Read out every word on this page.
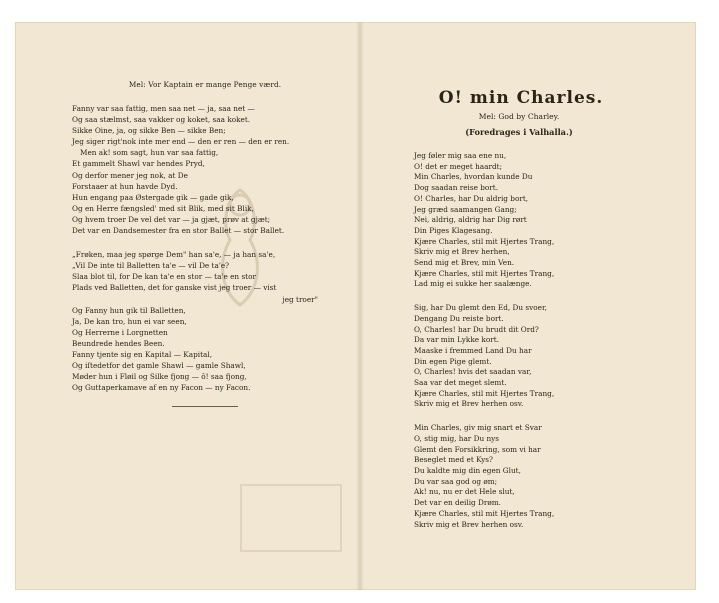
Mel: Vor Kaptain er mange Penge værd.
Fanny var saa fattig, men saa net — ja, saa net —
Og saa stælmst, saa vakker og koket, saa koket.
Sikke Oine, ja, og sikke Ben — sikke Ben;
Jeg siger rigt'nok inte mer end — den er ren — den er ren.
Men ak! som sagt, hun var saa fattig,
Et gammelt Shawl var hendes Pryd,
Og derfor mener jeg nok, at De
Forstaaer at hun havde Dyd.
Hun engang paa Østergade gik — gade gik,
Og en Herre fængsled' med sit Blik, med sit Blik,
Og hvem troer De vel det var — ja gjæt, prøv at gjæt;
Det var en Dandsemester fra en stor Ballet — stor Ballet.
„Frøken, maa jeg spørge Dem" han sa'e, — ja han sa'e,
„Vil De inte til Balletten ta'e — vil De ta'e?
Slaa blot til, for De kan ta'e en stor — ta'e en stor
Plads ved Balletten, det for ganske vist jeg troer — vist
jeg troer"
Og Fanny hun gik til Balletten,
Ja, De kan tro, hun ei var seen,
Og Herrerne i Lorgnetten
Beundrede hendes Been.
Fanny tjente sig en Kapital — Kapital,
Og iſtedetfor det gamle Shawl — gamle Shawl,
Møder hun i Fløil og Silke fjong — ô! saa fjong,
Og Guttaperkamave af en ny Facon — ny Facon.
O! min Charles.
Mel: God by Charley.
(Foredrages i Valhalla.)
Jeg føler mig saa ene nu,
O! det er meget haardt;
Min Charles, hvordan kunde Du
Dog saadan reise bort.
O! Charles, har Du aldrig bort,
Jeg græd saamangen Gang;
Nei, aldrig, aldrig har Dig rørt
Din Piges Klagesang.
Kjære Charles, stil mit Hjertes Trang,
Skriv mig et Brev herhen,
Send mig et Brev, min Ven.
Kjære Charles, stil mit Hjertes Trang,
Lad mig ei sukke her saalænge.
Sig, har Du glemt den Ed, Du svoer,
Dengang Du reiste bort.
O, Charles! har Du brudt dit Ord?
Da var min Lykke kort.
Maaske i fremmed Land Du har
Din egen Pige glemt.
O, Charles! hvis det saadan var,
Saa var det meget slemt.
Kjære Charles, stil mit Hjertes Trang,
Skriv mig et Brev herhen osv.
Min Charles, giv mig snart et Svar
O, stig mig, har Du nys
Glemt den Forsikkring, som vi har
Beseglet med et Kys?
Du kaldte mig din egen Glut,
Du var saa god og øm;
Ak! nu, nu er det Hele slut,
Det var en deilig Drøm.
Kjære Charles, stil mit Hjertes Trang,
Skriv mig et Brev herhen osv.
